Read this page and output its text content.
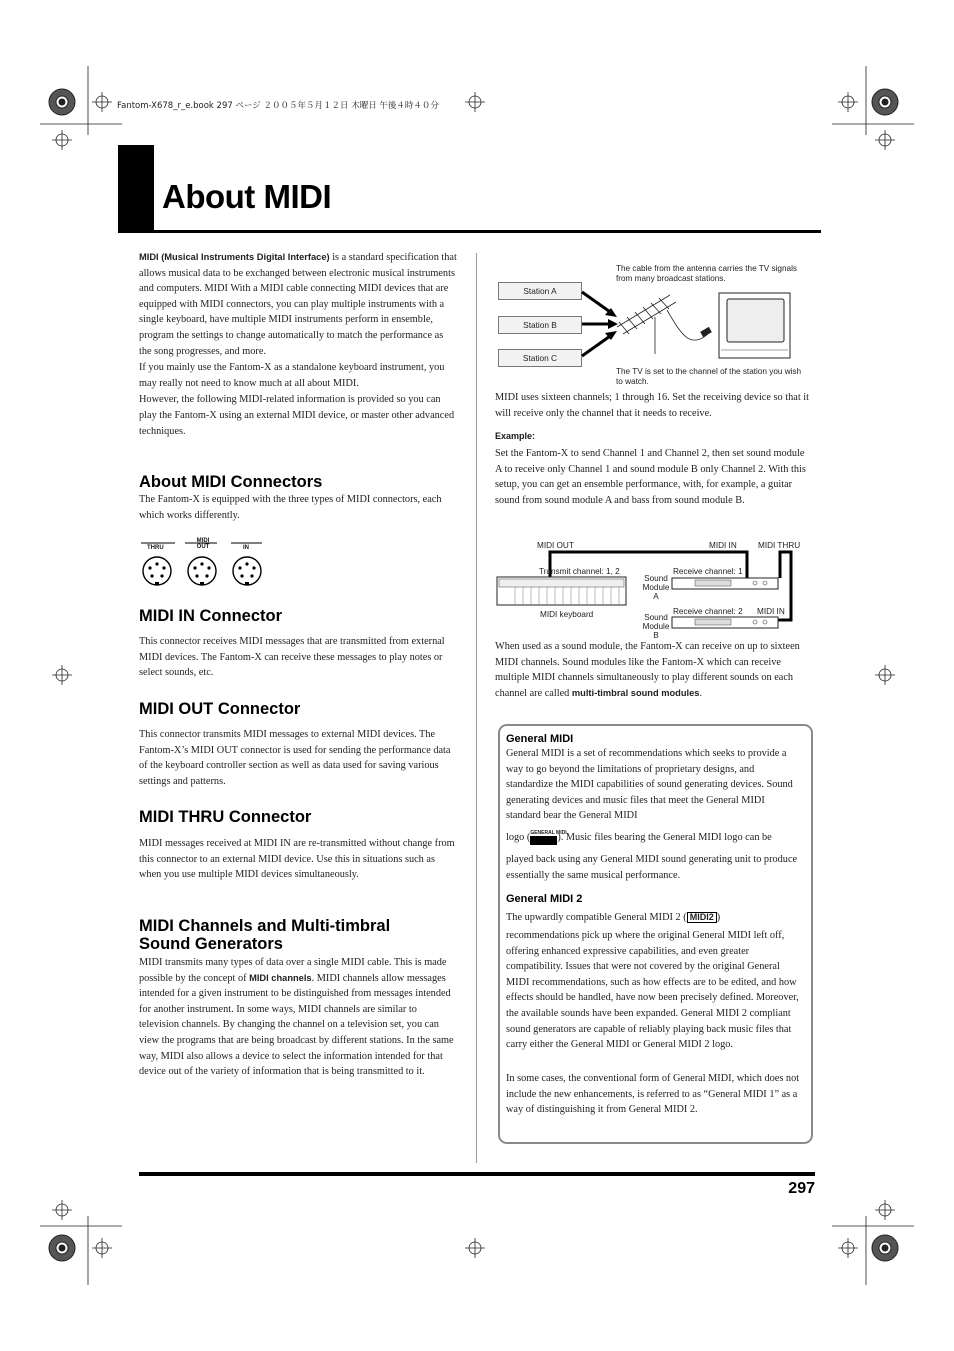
Fantom-X678_r_e.book 297 ページ ２００５年５月１２日 木曜日 午後４時４０分
About MIDI

MIDI (Musical Instruments Digital Interface) is a standard specification that allows musical data to be exchanged between electronic musical instruments and computers. MIDI With a MIDI cable connecting MIDI devices that are equipped with MIDI connectors, you can play multiple instruments with a single keyboard, have multiple MIDI instruments perform in ensemble, program the settings to change automatically to match the performance as the song progresses, and more.

If you mainly use the Fantom-X as a standalone keyboard instrument, you may really not need to know much at all about MIDI.

However, the following MIDI-related information is provided so you can play the Fantom-X using an external MIDI device, or master other advanced techniques.

About MIDI Connectors
The Fantom-X is equipped with the three types of MIDI connectors, each which works differently.
THRU
MIDI OUT	IN
MIDI IN Connector
This connector receives MIDI messages that are transmitted from external MIDI devices. The Fantom-X can receive these messages to play notes or select sounds, etc.
MIDI OUT Connector
This connector transmits MIDI messages to external MIDI devices. The Fantom-X’s MIDI OUT connector is used for sending the performance data of the keyboard controller section as well as data used for saving various settings and patterns.
MIDI THRU Connector
MIDI messages received at MIDI IN are re-transmitted without change from this connector to an external MIDI device. Use this in situations such as when you use multiple MIDI devices simultaneously.
MIDI Channels and Multi-timbral
Sound Generators
MIDI transmits many types of data over a single MIDI cable. This is made possible by the concept of MIDI channels. MIDI channels allow messages intended for a given instrument to be distinguished from messages intended for another instrument. In some ways, MIDI channels are similar to television channels. By changing the channel on a television set, you can view the programs that are being broadcast by different stations. In the same way, MIDI also allows a device to select the information intended for that device out of the variety of information that is being transmitted to it.
Station A
Station B
Station C
The cable from the antenna carries the TV signals from many broadcast stations.
The TV is set to the channel of the station you wish to watch.
MIDI uses sixteen channels; 1 through 16. Set the receiving device so that it will receive only the channel that it needs to receive.
Example:
Set the Fantom-X to send Channel 1 and Channel 2, then set sound module A to receive only Channel 1 and sound module B only Channel 2. With this setup, you can get an ensemble performance, with, for example, a guitar sound from sound module A and bass from sound module B.
MIDI OUT	MIDI IN	MIDI THRU
Transmit channel: 1, 2
Sound Module A
Receive channel: 1
Sound Module B
Receive channel: 2 MIDI IN
MIDI keyboard
When used as a sound module, the Fantom-X can receive on up to sixteen MIDI channels. Sound modules like the Fantom-X which can receive multiple MIDI channels simultaneously to play different sounds on each channel are called multi-timbral sound modules.
General MIDI
General MIDI is a set of recommendations which seeks to provide a way to go beyond the limitations of proprietary designs, and standardize the MIDI capabilities of sound generating devices. Sound generating devices and music files that meet the General MIDI standard bear the General MIDI
logo (GENERAL MIDI). Music files bearing the General MIDI logo can be
played back using any General MIDI sound generating unit to produce essentially the same musical performance.
General MIDI 2
The upwardly compatible General MIDI 2 ( MIDI2 )
recommendations pick up where the original General MIDI left off, offering enhanced expressive capabilities, and even greater compatibility. Issues that were not covered by the original General MIDI recommendations, such as how effects are to be edited, and how effects should be handled, have now been precisely defined. Moreover, the available sounds have been expanded. General MIDI 2 compliant sound generators are capable of reliably playing back music files that carry either the General MIDI or General MIDI 2 logo.
In some cases, the conventional form of General MIDI, which does not include the new enhancements, is referred to as “General MIDI 1” as a way of distinguishing it from General MIDI 2.
297
